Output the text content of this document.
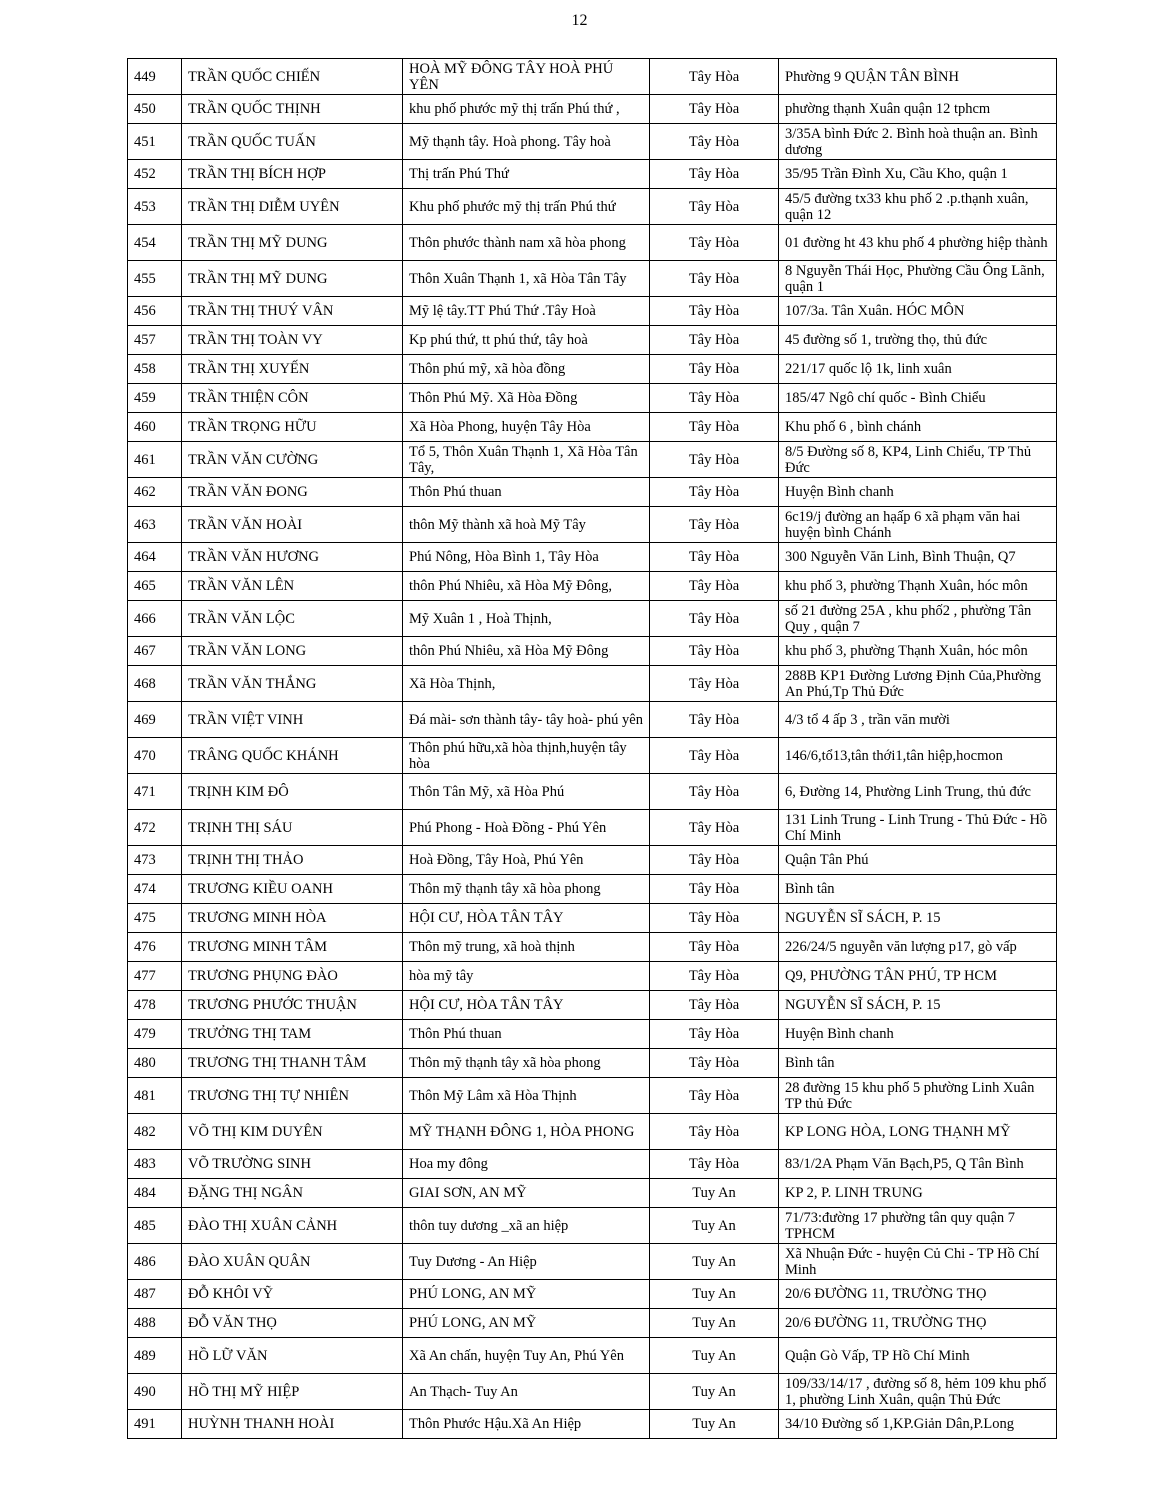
12
449	TRẦN QUỐC CHIẾN	HOÀ MỸ ĐÔNG TÂY HOÀ PHÚ YÊN	Tây Hòa	Phường 9 QUẬN TÂN BÌNH
450	TRẦN QUỐC THỊNH	khu phố phước mỹ thị trấn Phú thứ ,	Tây Hòa	phường thạnh Xuân quận 12 tphcm
451	TRẦN QUỐC TUẤN	Mỹ thạnh tây. Hoà phong. Tây hoà	Tây Hòa	3/35A bình Đức 2. Bình hoà thuận an. Bình dương
452	TRẦN THỊ BÍCH HỢP	Thị trấn Phú Thứ	Tây Hòa	35/95 Trần Đình Xu, Cầu Kho, quận 1
453	TRẦN THỊ DIỄM UYÊN	Khu phố phước mỹ thị trấn Phú thứ	Tây Hòa	45/5 đường tx33 khu phố 2 .p.thạnh xuân, quận 12
454	TRẦN THỊ MỸ DUNG	Thôn phước thành nam xã hòa phong	Tây Hòa	01 đường ht 43 khu phố 4 phường hiệp thành
455	TRẦN THỊ MỸ DUNG	Thôn Xuân Thạnh 1, xã Hòa Tân Tây	Tây Hòa	8 Nguyễn Thái Học, Phường Cầu Ông Lãnh, quận 1
456	TRẦN THỊ THUÝ VÂN	Mỹ lệ tây.TT Phú Thứ .Tây Hoà	Tây Hòa	107/3a. Tân Xuân. HÓC MÔN
457	TRẦN THỊ TOÀN VY	Kp phú thứ, tt phú thứ, tây hoà	Tây Hòa	45 đường số 1, trường thọ, thủ đức
458	TRẦN THỊ XUYẾN	Thôn phú mỹ, xã hòa đồng	Tây Hòa	221/17 quốc lộ 1k, linh xuân
459	TRẦN THIỆN CÔN	Thôn Phú Mỹ. Xã Hòa Đồng	Tây Hòa	185/47 Ngô chí quốc - Bình Chiểu
460	TRẦN TRỌNG HỮU	Xã Hòa Phong, huyện Tây Hòa	Tây Hòa	Khu phố 6 , bình chánh
461	TRẦN VĂN CƯỜNG	Tổ 5, Thôn Xuân Thạnh 1, Xã Hòa Tân Tây,	Tây Hòa	8/5 Đường số 8, KP4, Linh Chiểu, TP Thủ Đức
462	TRẦN VĂN ĐONG	Thôn Phú thuan	Tây Hòa	Huyện Bình chanh
463	TRẦN VĂN HOÀI	thôn Mỹ thành xã hoà Mỹ Tây	Tây Hòa	6c19/j đường an hạấp 6 xã phạm văn hai huyện bình Chánh
464	TRẦN VĂN HƯƠNG	Phú Nông, Hòa Bình 1, Tây Hòa	Tây Hòa	300 Nguyễn Văn Linh, Bình Thuận, Q7
465	TRẦN VĂN LÊN	thôn Phú Nhiêu, xã Hòa Mỹ Đông,	Tây Hòa	khu phố 3, phường Thạnh Xuân, hóc môn
466	TRẦN VĂN LỘC	Mỹ Xuân 1 , Hoà Thịnh,	Tây Hòa	số 21 đường 25A , khu phố2 , phường Tân Quy , quận 7
467	TRẦN VĂN LONG	thôn Phú Nhiêu, xã Hòa Mỹ Đông	Tây Hòa	khu phố 3, phường Thạnh Xuân, hóc môn
468	TRẦN VĂN THẮNG	Xã Hòa Thịnh,	Tây Hòa	288B KP1 Đường Lương Định Của,Phường An Phú,Tp Thủ Đức
469	TRẦN VIỆT VINH	Đá mài- sơn thành tây- tây hoà- phú yên	Tây Hòa	4/3 tổ 4 ấp 3 , trần văn mười
470	TRÂNG QUỐC KHÁNH	Thôn phú hữu,xã hòa thịnh,huyện tây hòa	Tây Hòa	146/6,tổ13,tân thới1,tân hiệp,hocmon
471	TRỊNH KIM ĐÔ	Thôn Tân Mỹ, xã Hòa Phú	Tây Hòa	6, Đường 14, Phường Linh Trung, thủ đức
472	TRỊNH THỊ SÁU	Phú Phong - Hoà Đồng - Phú Yên	Tây Hòa	131 Linh Trung - Linh Trung - Thủ Đức - Hồ Chí Minh
473	TRỊNH THỊ THẢO	Hoà Đồng, Tây Hoà, Phú Yên	Tây Hòa	Quận Tân Phú
474	TRƯƠNG KIỀU OANH	Thôn mỹ thạnh tây xã hòa phong	Tây Hòa	Bình tân
475	TRƯƠNG MINH HÒA	HỘI CƯ, HÒA TÂN TÂY	Tây Hòa	NGUYỄN SĨ SÁCH, P. 15
476	TRƯƠNG MINH TÂM	Thôn mỹ trung, xã hoà thịnh	Tây Hòa	226/24/5 nguyễn văn lượng p17, gò vấp
477	TRƯƠNG PHỤNG ĐÀO	hòa mỹ tây	Tây Hòa	Q9, PHƯỜNG TÂN PHÚ, TP HCM
478	TRƯƠNG PHƯỚC THUẬN	HỘI CƯ, HÒA TÂN TÂY	Tây Hòa	NGUYỄN SĨ SÁCH, P. 15
479	TRƯỞNG THỊ TAM	Thôn Phú thuan	Tây Hòa	Huyện Bình chanh
480	TRƯƠNG THỊ THANH TÂM	Thôn mỹ thạnh tây xã hòa phong	Tây Hòa	Bình tân
481	TRƯƠNG THỊ TỰ NHIÊN	Thôn Mỹ Lâm xã Hòa Thịnh	Tây Hòa	28 đường 15 khu phố 5 phường Linh Xuân TP thủ Đức
482	VÕ THỊ KIM DUYÊN	MỸ THẠNH ĐÔNG 1, HÒA PHONG	Tây Hòa	KP LONG HÒA, LONG THẠNH MỸ
483	VÕ TRƯỜNG SINH	Hoa my đông	Tây Hòa	83/1/2A Phạm Văn Bạch,P5, Q Tân Bình
484	ĐẶNG THỊ NGÂN	GIAI SƠN, AN MỸ	Tuy An	KP 2, P. LINH TRUNG
485	ĐÀO THỊ XUÂN CẢNH	thôn tuy dương _xã an hiệp	Tuy An	71/73:đường 17 phường tân quy quận 7 TPHCM
486	ĐÀO XUÂN QUÂN	Tuy Dương - An Hiệp	Tuy An	Xã Nhuận Đức - huyện Củ Chi - TP Hồ Chí Minh
487	ĐỖ KHÔI VỸ	PHÚ LONG, AN MỸ	Tuy An	20/6 ĐƯỜNG 11, TRƯỜNG THỌ
488	ĐỖ VĂN THỌ	PHÚ LONG, AN MỸ	Tuy An	20/6 ĐƯỜNG 11, TRƯỜNG THỌ
489	HỒ LỮ VĂN	Xã An chấn, huyện Tuy An, Phú Yên	Tuy An	Quận Gò Vấp, TP Hồ Chí Minh
490	HỒ THỊ MỸ HIỆP	An Thạch- Tuy An	Tuy An	109/33/14/17 , đường số 8, hẻm 109 khu phố 1, phường Linh Xuân, quận Thủ Đức
491	HUỲNH THANH HOÀI	Thôn Phước Hậu.Xã An Hiệp	Tuy An	34/10 Đường số 1,KP.Giản Dân,P.Long
